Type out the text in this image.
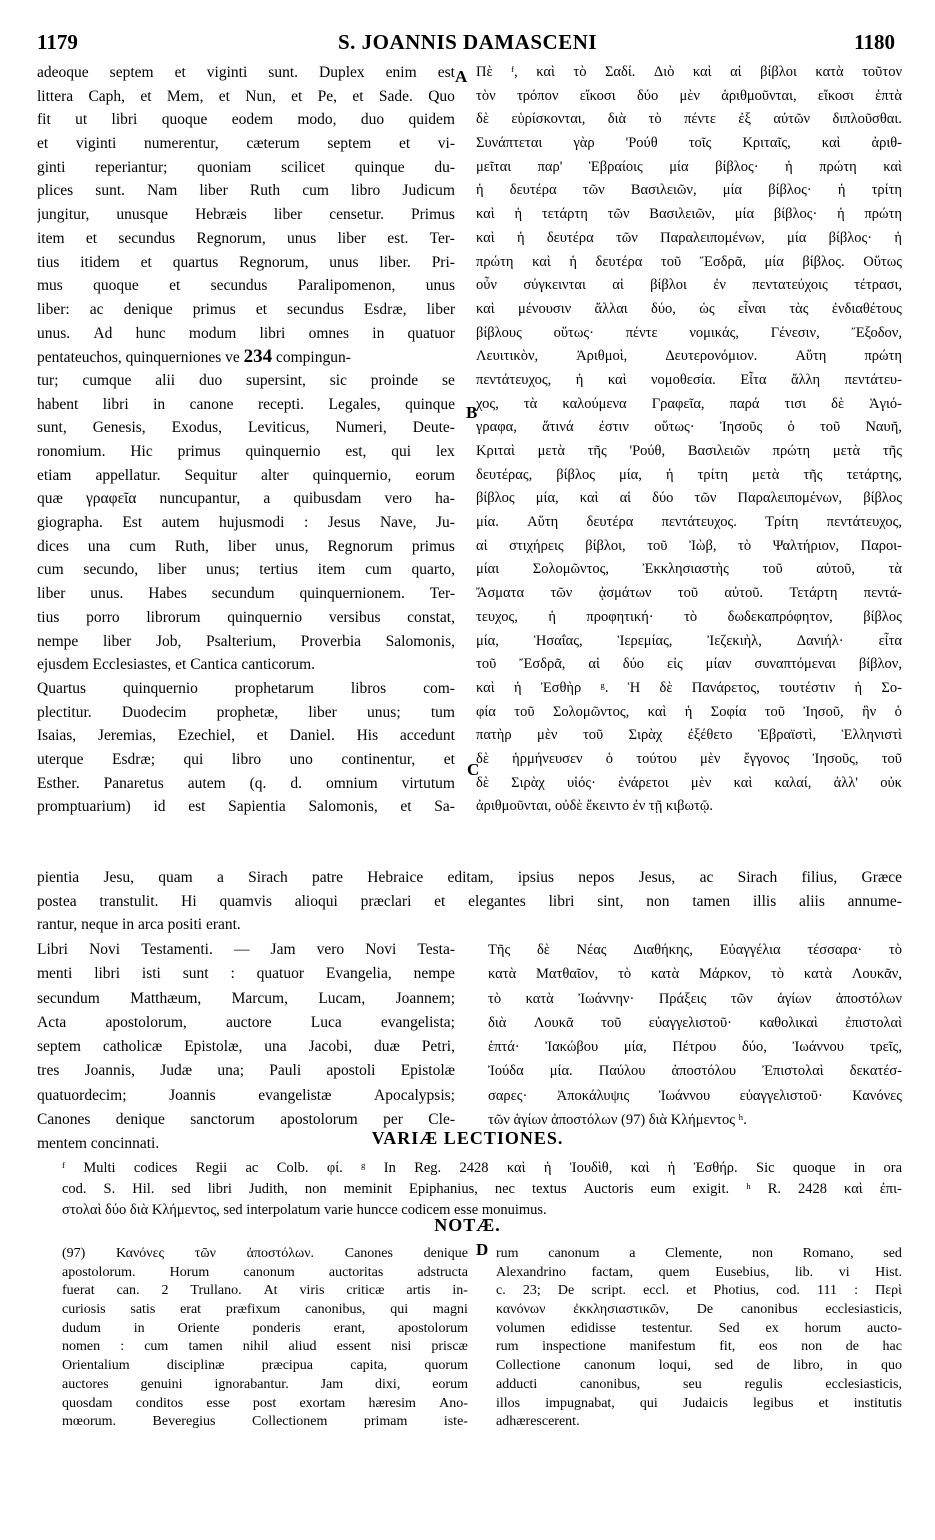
1179	S. JOANNIS DAMASCENI	1180
A
B
C
D
adeoque septem et viginti sunt. Duplex enim est
littera Caph, et Mem, et Nun, et Pe, et Sade. Quo
fit ut libri quoque eodem modo, duo quidem
et viginti numerentur, cæterum septem et vi-
ginti reperiantur; quoniam scilicet quinque du-
plices sunt. Nam liber Ruth cum libro Judicum
jungitur, unusque Hebræis liber censetur. Primus
item et secundus Regnorum, unus liber est. Ter-
tius itidem et quartus Regnorum, unus liber. Pri-
mus quoque et secundus Paralipomenon, unus
liber: ac denique primus et secundus Esdræ, liber
unus. Ad hunc modum libri omnes in quatuor
pentateuchos, quinquerniones ve 234 compingun-
tur; cumque alii duo supersint, sic proinde se
habent libri in canone recepti. Legales, quinque
sunt, Genesis, Exodus, Leviticus, Numeri, Deute-
ronomium. Hic primus quinquernio est, qui lex
etiam appellatur. Sequitur alter quinquernio, eorum
quæ γραφεῖα nuncupantur, a quibusdam vero ha-
giographa. Est autem hujusmodi : Jesus Nave, Ju-
dices una cum Ruth, liber unus, Regnorum primus
cum secundo, liber unus; tertius item cum quarto,
liber unus. Habes secundum quinquernionem. Ter-
tius porro librorum quinquernio versibus constat,
nempe liber Job, Psalterium, Proverbia Salomonis,
ejusdem Ecclesiastes, et Cantica canticorum.
Quartus quinquernio prophetarum libros com-
plectitur. Duodecim prophetæ, liber unus; tum
Isaias, Jeremias, Ezechiel, et Daniel. His accedunt
uterque Esdræ; qui libro uno continentur, et
Esther. Panaretus autem (q. d. omnium virtutum
promptuarium) id est Sapientia Salomonis, et Sa-
Πὲ ᶠ, καὶ τὸ Σαδί. Διὸ καὶ αἱ βίβλοι κατὰ τοῦτον
τὸν τρόπον εἴκοσι δύο μὲν ἀριθμοῦνται, εἴκοσι ἑπτὰ
δὲ εὑρίσκονται, διὰ τὸ πέντε ἐξ αὐτῶν διπλοῦσθαι.
Συνάπτεται γὰρ 'Ρούθ τοῖς Κριταῖς, καὶ ἀριθ-
μεῖται παρ' Ἑβραίοις μία βίβλος· ἡ πρώτη καὶ
ἡ δευτέρα τῶν Βασιλειῶν, μία βίβλος· ἡ τρίτη
καὶ ἡ τετάρτη τῶν Βασιλειῶν, μία βίβλος· ἡ πρώτη
καὶ ἡ δευτέρα τῶν Παραλειπομένων, μία βίβλος· ἡ
πρώτη καὶ ἡ δευτέρα τοῦ Ἔσδρᾶ, μία βίβλος. Οὕτως
οὖν σύγκεινται αἱ βίβλοι ἐν πεντατεύχοις τέτρασι,
καὶ μένουσιν ἄλλαι δύο, ὡς εἶναι τὰς ἐνδιαθέτους
βίβλους οὕτως· πέντε νομικάς, Γένεσιν, Ἔξοδον,
Λευιτικὸν,	Ἀριθμοὶ,	Δευτερονόμιον.	Αὕτη	πρώτη
πεντάτευχος, ἡ καὶ νομοθεσία. Εἶτα ἄλλη πεντάτευ-
χος, τὰ καλούμενα Γραφεῖα, παρά τισι δὲ Ἁγιό-
γραφα, ἅτινά ἐστιν οὕτως· Ἰησοῦς ὁ τοῦ Ναυῆ,
Κριταὶ μετὰ τῆς 'Ρούθ, Βασιλειῶν πρώτη μετὰ τῆς
δευτέρας, βίβλος μία, ἡ τρίτη μετὰ τῆς τετάρτης,
βίβλος μία, καὶ αἱ δύο τῶν Παραλειπομένων, βίβλος
μία. Αὕτη δευτέρα πεντάτευχος. Τρίτη πεντάτευχος,
αἱ στιχήρεις βίβλοι, τοῦ Ἰὼβ, τὸ Ψαλτήριον, Παροι-
μίαι Σολομῶντος, Ἐκκλησιαστὴς τοῦ αὐτοῦ, τὰ
Ἄσματα τῶν ᾀσμάτων τοῦ αὐτοῦ. Τετάρτη πεντά-
τευχος, ἡ προφητική· τὸ δωδεκαπρόφητον, βίβλος
μία, Ἡσαΐας, Ἱερεμίας, Ἰεζεκιὴλ, Δανιήλ· εἶτα
τοῦ Ἔσδρᾶ, αἱ δύο εἰς μίαν συναπτόμεναι βίβλον,
καὶ ἡ Ἐσθὴρ ᵍ. Ἡ δὲ Πανάρετος, τουτέστιν ἡ Σο-
φία τοῦ Σολομῶντος, καὶ ἡ Σοφία τοῦ Ἰησοῦ, ἣν ὁ
πατὴρ μὲν τοῦ Σιρὰχ ἐξέθετο Ἑβραϊστὶ, Ἑλληνιστὶ
δὲ ἡρμήνευσεν ὁ τούτου μὲν ἔγγονος Ἰησοῦς, τοῦ
δὲ Σιρὰχ υἱός· ἐνάρετοι μὲν καὶ καλαί, ἀλλ' οὐκ
ἀριθμοῦνται, οὐδὲ ἔκειντο ἐν τῇ κιβωτῷ.
pientia Jesu, quam a Sirach patre Hebraice editam, ipsius nepos Jesus, ac Sirach filius, Græce
postea transtulit. Hi quamvis alioqui præclari et elegantes libri sint, non tamen illis aliis annume-
rantur, neque in arca positi erant.
Libri Novi Testamenti. — Jam vero Novi Testa-
menti libri isti sunt : quatuor Evangelia, nempe
secundum Matthæum, Marcum, Lucam, Joannem;
Acta	apostolorum,	auctore	Luca	evangelista;
septem catholicæ Epistolæ, una Jacobi, duæ Petri,
tres Joannis, Judæ una; Pauli apostoli Epistolæ
quatuordecim;	Joannis	evangelistæ	Apocalypsis;
Canones denique sanctorum apostolorum per Cle-
mentem concinnati.
Τῆς δὲ Νέας Διαθήκης, Εὐαγγέλια τέσσαρα· τὸ
κατὰ Ματθαῖον, τὸ κατὰ Μάρκον, τὸ κατὰ Λουκᾶν,
τὸ κατὰ Ἰωάννην· Πράξεις τῶν ἁγίων ἀποστόλων
διὰ Λουκᾶ τοῦ εὐαγγελιστοῦ· καθολικαὶ ἐπιστολαὶ
ἑπτά· Ἰακώβου μία, Πέτρου δύο, Ἰωάννου τρεῖς,
Ἰούδα μία. Παύλου ἀποστόλου Ἐπιστολαὶ δεκατέσ-
σαρες· Ἀποκάλυψις Ἰωάννου εὐαγγελιστοῦ· Κανόνες
τῶν ἁγίων ἀποστόλων (97) διὰ Κλήμεντος ʰ.
VARIÆ LECTIONES.
ᶠ Multi codices Regii ac Colb. φί. ᵍ In Reg. 2428 καὶ ἡ Ἰουδὶθ, καὶ ἡ Ἐσθήρ. Sic quoque in ora
cod. S. Hil. sed libri Judith, non meminit Epiphanius, nec textus Auctoris eum exigit. ʰ R. 2428 καὶ ἐπι-
στολαὶ δύο διὰ Κλήμεντος, sed interpolatum varie huncce codicem esse monuimus.
NOTÆ.
(97) Κανόνες τῶν ἀποστόλων. Canones denique
apostolorum. Horum canonum auctoritas adstructa
fuerat can. 2 Trullano. At viris criticæ artis in-
curiosis satis erat præfixum canonibus, qui magni
dudum in Oriente ponderis erant, apostolorum
nomen : cum tamen nihil aliud essent nisi priscæ
Orientalium	disciplinæ	præcipua	capita,	quorum
auctores genuini ignorabantur. Jam dixi, eorum
quosdam conditos esse post exortam hæresim Ano-
mœorum.	Beveregius	Collectionem	primam	iste-
rum canonum a Clemente, non Romano, sed
Alexandrino factam, quem Eusebius, lib. vi Hist.
c. 23; De script. eccl. et Photius, cod. 111 : Περὶ
κανόνων ἐκκλησιαστικῶν, De canonibus ecclesiasticis,
volumen edidisse testentur. Sed ex horum aucto-
rum inspectione manifestum fit, eos non de hac
Collectione canonum loqui, sed de libro, in quo
adducti	canonibus,	seu	regulis	ecclesiasticis,
illos impugnabat, qui Judaicis legibus et institutis
adhærescerent.
